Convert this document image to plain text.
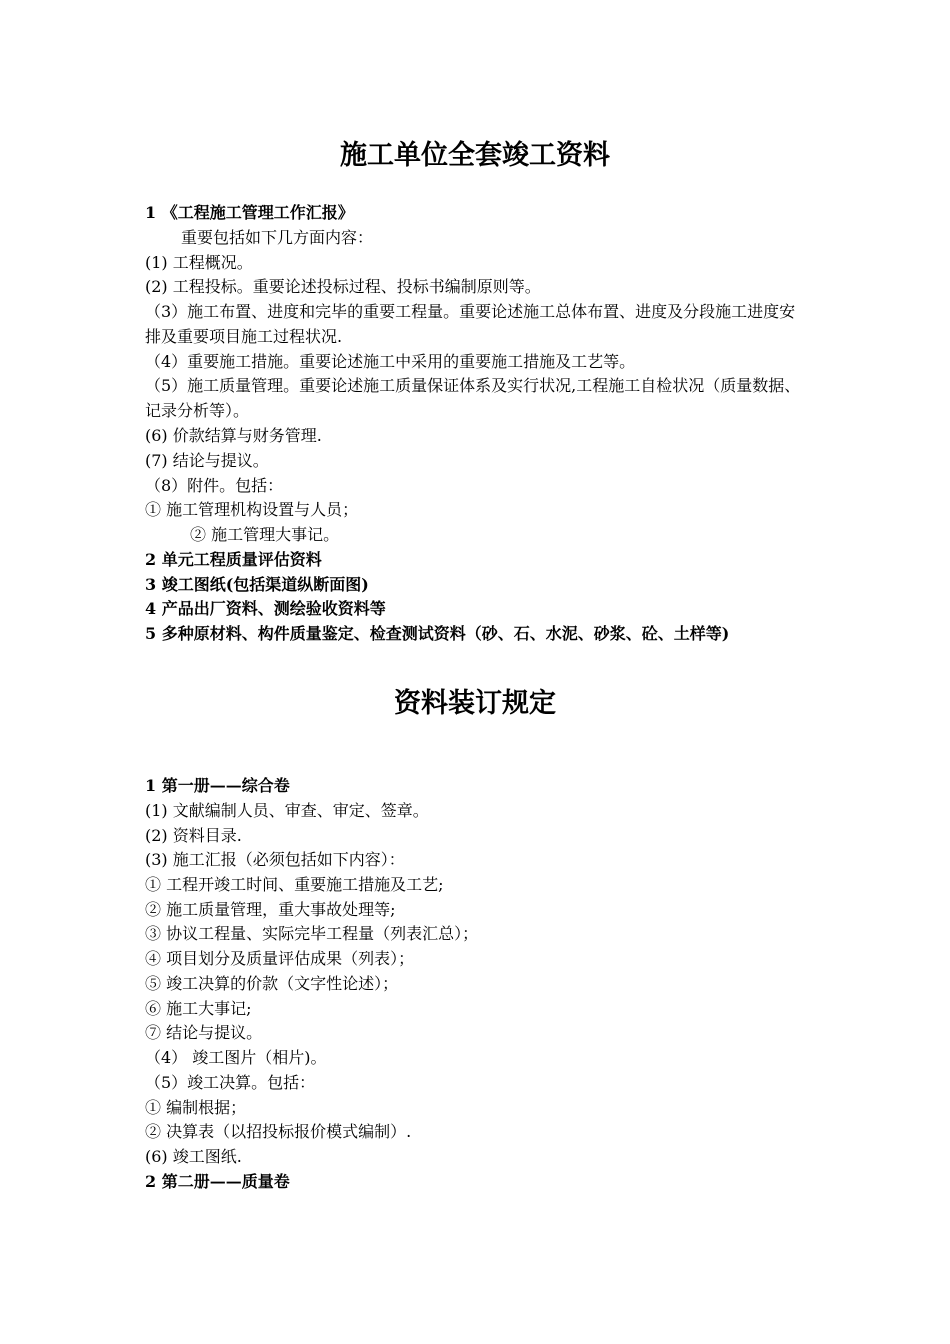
施工单位全套竣工资料
1 《工程施工管理工作汇报》
重要包括如下几方面内容：
(1) 工程概况。
(2) 工程投标。重要论述投标过程、投标书编制原则等。
（3）施工布置、进度和完毕的重要工程量。重要论述施工总体布置、进度及分段施工进度安排及重要项目施工过程状况.
（4）重要施工措施。重要论述施工中采用的重要施工措施及工艺等。
（5）施工质量管理。重要论述施工质量保证体系及实行状况,工程施工自检状况（质量数据、记录分析等）。
(6) 价款结算与财务管理.
(7) 结论与提议。
（8）附件。包括：
① 施工管理机构设置与人员；
② 施工管理大事记。
2 单元工程质量评估资料
3 竣工图纸(包括渠道纵断面图)
4 产品出厂资料、测绘验收资料等
5 多种原材料、构件质量鉴定、检查测试资料（砂、石、水泥、砂浆、砼、土样等)
资料装订规定
1 第一册——综合卷
(1) 文献编制人员、审查、审定、签章。
(2) 资料目录.
(3) 施工汇报（必须包括如下内容）：
① 工程开竣工时间、重要施工措施及工艺;
② 施工质量管理，重大事故处理等;
③ 协议工程量、实际完毕工程量（列表汇总）；
④ 项目划分及质量评估成果（列表）；
⑤ 竣工决算的价款（文字性论述）；
⑥ 施工大事记;
⑦ 结论与提议。
（4） 竣工图片（相片)。
（5）竣工决算。包括：
① 编制根据；
② 决算表（以招投标报价模式编制）.
(6) 竣工图纸.
2 第二册——质量卷
